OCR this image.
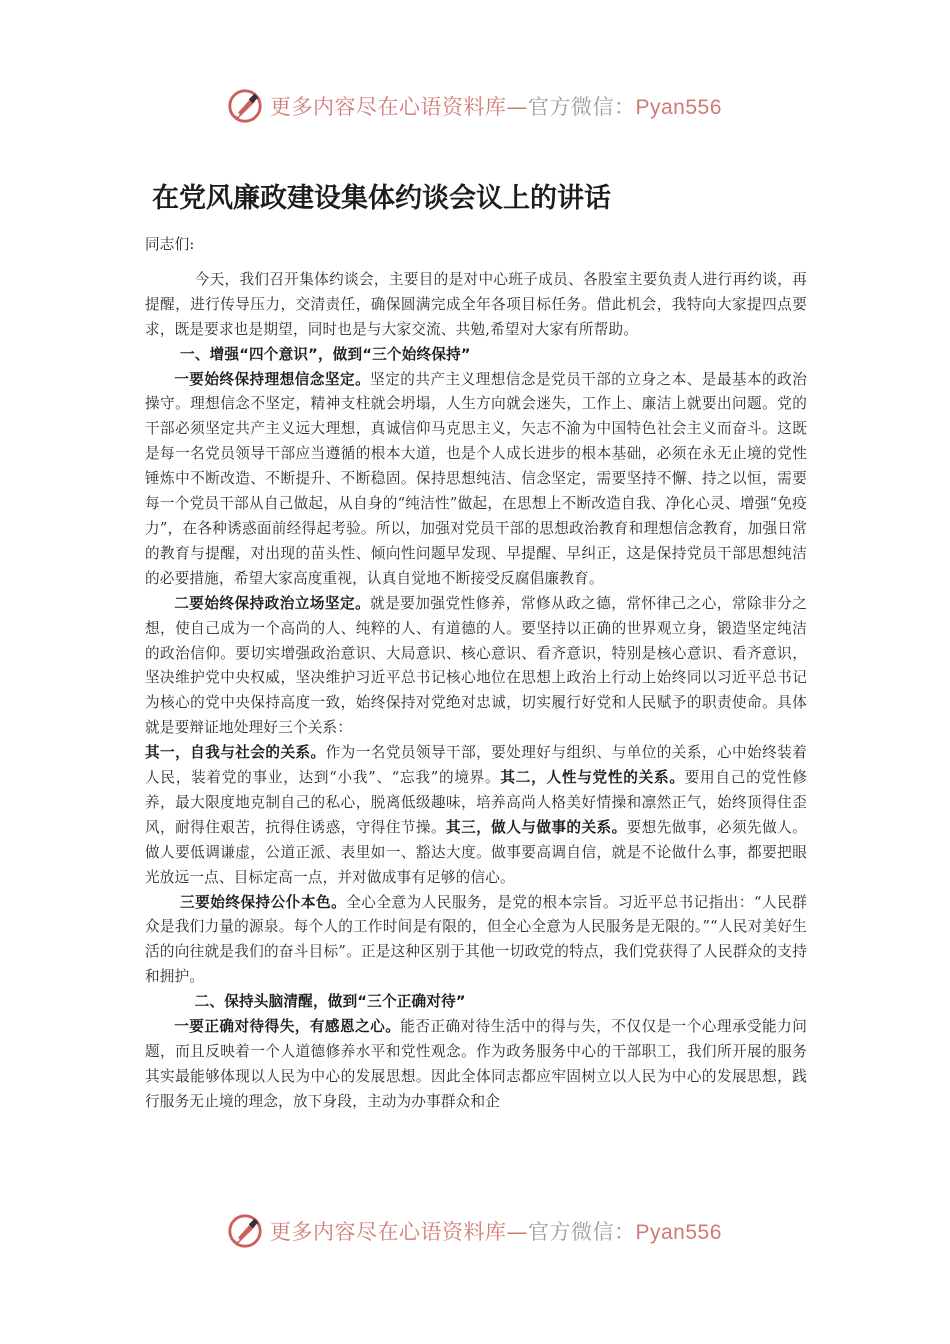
更多内容尽在心语资料库—官方微信：Pyan556
在党风廉政建设集体约谈会议上的讲话

同志们:

今天，我们召开集体约谈会，主要目的是对中心班子成员、各股室主要负责人进行再约谈，再提醒，进行传导压力，交清责任，确保圆满完成全年各项目标任务。借此机会，我特向大家提四点要求，既是要求也是期望，同时也是与大家交流、共勉,希望对大家有所帮助。

一、增强“四个意识”，做到“三个始终保持”

一要始终保持理想信念坚定。坚定的共产主义理想信念是党员干部的立身之本、是最基本的政治操守。理想信念不坚定，精神支柱就会坍塌，人生方向就会迷失，工作上、廉洁上就要出问题。党的干部必须坚定共产主义远大理想，真诚信仰马克思主义，矢志不渝为中国特色社会主义而奋斗。这既是每一名党员领导干部应当遵循的根本大道，也是个人成长进步的根本基础，必须在永无止境的党性锤炼中不断改造、不断提升、不断稳固。保持思想纯洁、信念坚定，需要坚持不懈、持之以恒，需要每一个党员干部从自己做起，从自身的“纯洁性”做起，在思想上不断改造自我、净化心灵、增强“免疫力”，在各种诱惑面前经得起考验。所以，加强对党员干部的思想政治教育和理想信念教育，加强日常的教育与提醒，对出现的苗头性、倾向性问题早发现、早提醒、早纠正，这是保持党员干部思想纯洁的必要措施，希望大家高度重视，认真自觉地不断接受反腐倡廉教育。

二要始终保持政治立场坚定。就是要加强党性修养，常修从政之德，常怀律己之心，常除非分之想，使自己成为一个高尚的人、纯粹的人、有道德的人。要坚持以正确的世界观立身，锻造坚定纯洁的政治信仰。要切实增强政治意识、大局意识、核心意识、看齐意识，特别是核心意识、看齐意识，坚决维护党中央权威，坚决维护习近平总书记核心地位在思想上政治上行动上始终同以习近平总书记为核心的党中央保持高度一致，始终保持对党绝对忠诚，切实履行好党和人民赋予的职责使命。具体就是要辩证地处理好三个关系：

其一，自我与社会的关系。作为一名党员领导干部，要处理好与组织、与单位的关系，心中始终装着人民，装着党的事业，达到“小我”、“忘我”的境界。其二，人性与党性的关系。要用自己的党性修养，最大限度地克制自己的私心，脱离低级趣味，培养高尚人格美好情操和凛然正气，始终顶得住歪风，耐得住艰苦，抗得住诱惑，守得住节操。其三，做人与做事的关系。要想先做事，必须先做人。做人要低调谦虚，公道正派、表里如一、豁达大度。做事要高调自信，就是不论做什么事，都要把眼光放远一点、目标定高一点，并对做成事有足够的信心。

三要始终保持公仆本色。全心全意为人民服务，是党的根本宗旨。习近平总书记指出：“人民群众是我们力量的源泉。每个人的工作时间是有限的，但全心全意为人民服务是无限的。”“人民对美好生活的向往就是我们的奋斗目标”。正是这种区别于其他一切政党的特点，我们党获得了人民群众的支持和拥护。

二、保持头脑清醒，做到“三个正确对待”

一要正确对待得失，有感恩之心。能否正确对待生活中的得与失，不仅仅是一个心理承受能力问题，而且反映着一个人道德修养水平和党性观念。作为政务服务中心的干部职工，我们所开展的服务其实最能够体现以人民为中心的发展思想。因此全体同志都应牢固树立以人民为中心的发展思想，践行服务无止境的理念，放下身段，主动为办事群众和企

更多内容尽在心语资料库—官方微信：Pyan556
